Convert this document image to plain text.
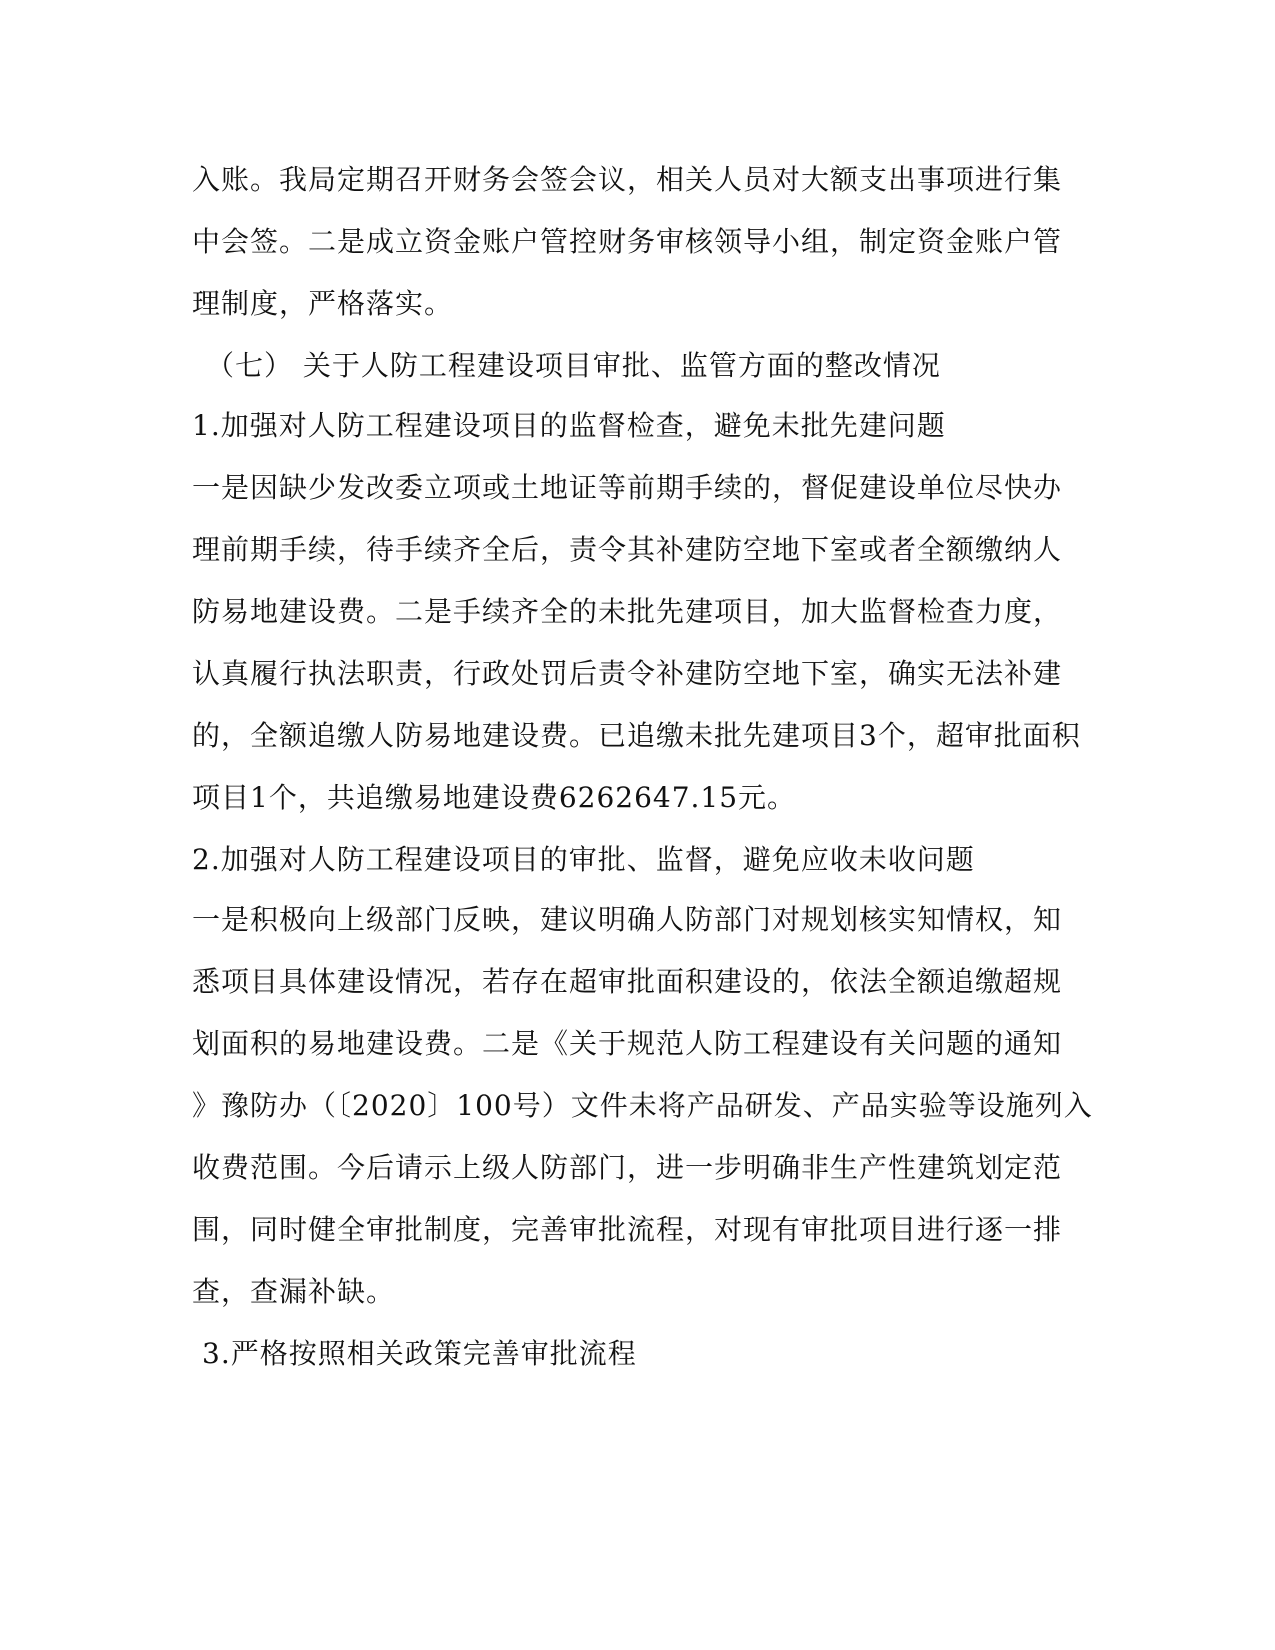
入账。我局定期召开财务会签会议，相关人员对大额支出事项进行集
中会签。二是成立资金账户管控财务审核领导小组，制定资金账户管
理制度，严格落实。
（七） 关于人防工程建设项目审批、监管方面的整改情况
1.加强对人防工程建设项目的监督检查，避免未批先建问题
一是因缺少发改委立项或土地证等前期手续的，督促建设单位尽快办
理前期手续，待手续齐全后，责令其补建防空地下室或者全额缴纳人
防易地建设费。二是手续齐全的未批先建项目，加大监督检查力度，
认真履行执法职责，行政处罚后责令补建防空地下室，确实无法补建
的，全额追缴人防易地建设费。已追缴未批先建项目3个，超审批面积
项目1个，共追缴易地建设费6262647.15元。
2.加强对人防工程建设项目的审批、监督，避免应收未收问题
一是积极向上级部门反映，建议明确人防部门对规划核实知情权，知
悉项目具体建设情况，若存在超审批面积建设的，依法全额追缴超规
划面积的易地建设费。二是《关于规范人防工程建设有关问题的通知
》豫防办（〔2020〕100号）文件未将产品研发、产品实验等设施列入
收费范围。今后请示上级人防部门，进一步明确非生产性建筑划定范
围，同时健全审批制度，完善审批流程，对现有审批项目进行逐一排
查，查漏补缺。
3.严格按照相关政策完善审批流程
